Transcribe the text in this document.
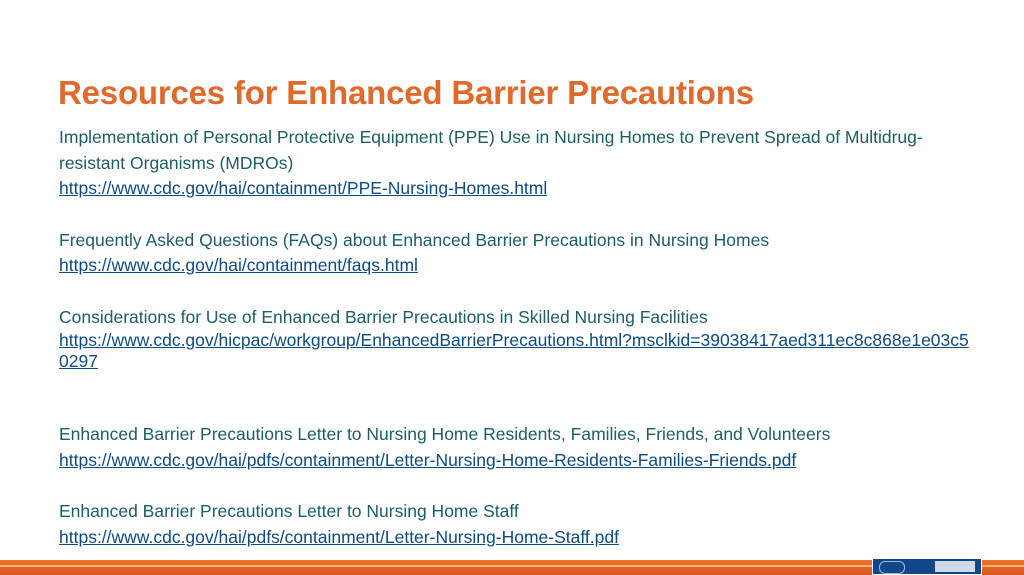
Resources for Enhanced Barrier Precautions

Implementation of Personal Protective Equipment (PPE) Use in Nursing Homes to Prevent Spread of Multidrug-resistant Organisms (MDROs)

https://www.cdc.gov/hai/containment/PPE-Nursing-Homes.html

Frequently Asked Questions (FAQs) about Enhanced Barrier Precautions in Nursing Homes

https://www.cdc.gov/hai/containment/faqs.html

Considerations for Use of Enhanced Barrier Precautions in Skilled Nursing Facilities

https://www.cdc.gov/hicpac/workgroup/EnhancedBarrierPrecautions.html?msclkid=39038417aed311ec8c868e1e03c50297

Enhanced Barrier Precautions Letter to Nursing Home Residents, Families, Friends, and Volunteers

https://www.cdc.gov/hai/pdfs/containment/Letter-Nursing-Home-Residents-Families-Friends.pdf

Enhanced Barrier Precautions Letter to Nursing Home Staff

https://www.cdc.gov/hai/pdfs/containment/Letter-Nursing-Home-Staff.pdf
